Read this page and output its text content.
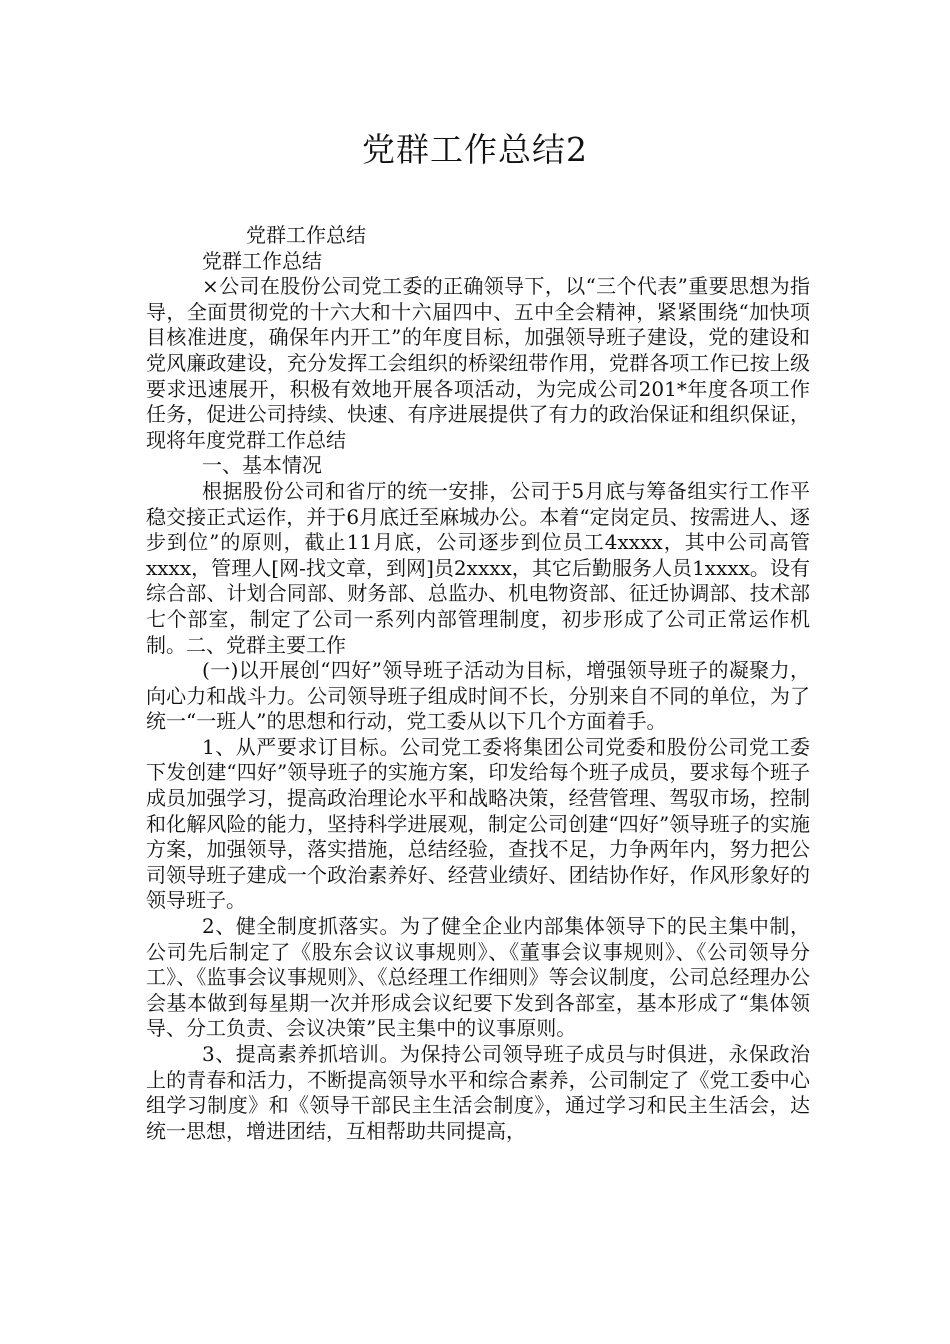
党群工作总结2

党群工作总结

党群工作总结

×公司在股份公司党工委的正确领导下，以“三个代表”重要思想为指导，全面贯彻党的十六大和十六届四中、五中全会精神，紧紧围绕“加快项目核准进度，确保年内开工”的年度目标，加强领导班子建设，党的建设和党风廉政建设，充分发挥工会组织的桥梁纽带作用，党群各项工作已按上级要求迅速展开，积极有效地开展各项活动，为完成公司201*年度各项工作任务，促进公司持续、快速、有序进展提供了有力的政治保证和组织保证，现将年度党群工作总结

一、基本情况

根据股份公司和省厅的统一安排，公司于5月底与筹备组实行工作平稳交接正式运作，并于6月底迁至麻城办公。本着“定岗定员、按需进人、逐步到位”的原则，截止11月底，公司逐步到位员工4xxxx，其中公司高管xxxx，管理人[网-找文章，到网]员2xxxx，其它后勤服务人员1xxxx。设有综合部、计划合同部、财务部、总监办、机电物资部、征迁协调部、技术部七个部室，制定了公司一系列内部管理制度，初步形成了公司正常运作机制。二、党群主要工作

(一)以开展创“四好”领导班子活动为目标，增强领导班子的凝聚力，向心力和战斗力。公司领导班子组成时间不长，分别来自不同的单位，为了统一“一班人”的思想和行动，党工委从以下几个方面着手。

1、从严要求订目标。公司党工委将集团公司党委和股份公司党工委下发创建“四好”领导班子的实施方案，印发给每个班子成员，要求每个班子成员加强学习，提高政治理论水平和战略决策，经营管理、驾驭市场，控制和化解风险的能力，坚持科学进展观，制定公司创建“四好”领导班子的实施方案，加强领导，落实措施，总结经验，查找不足，力争两年内，努力把公司领导班子建成一个政治素养好、经营业绩好、团结协作好，作风形象好的领导班子。

2、健全制度抓落实。为了健全企业内部集体领导下的民主集中制，公司先后制定了《股东会议议事规则》、《董事会议事规则》、《公司领导分工》、《监事会议事规则》、《总经理工作细则》等会议制度，公司总经理办公会基本做到每星期一次并形成会议纪要下发到各部室，基本形成了“集体领导、分工负责、会议决策”民主集中的议事原则。

3、提高素养抓培训。为保持公司领导班子成员与时俱进，永保政治上的青春和活力，不断提高领导水平和综合素养，公司制定了《党工委中心组学习制度》和《领导干部民主生活会制度》，通过学习和民主生活会，达统一思想，增进团结，互相帮助共同提高，
